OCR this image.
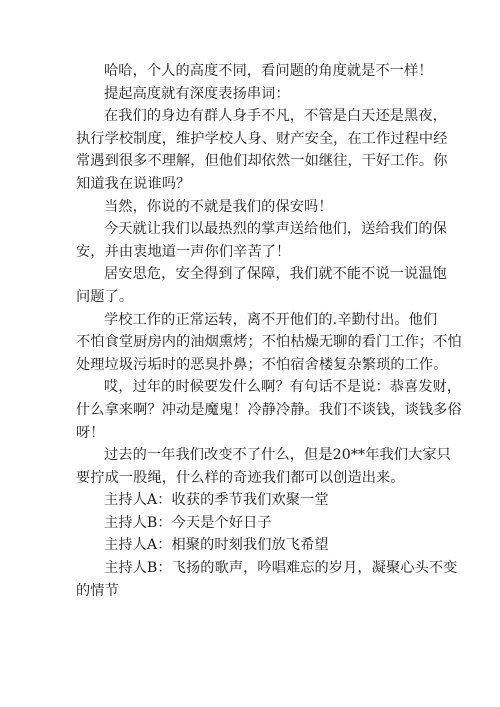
哈哈，个人的高度不同，看问题的角度就是不一样！
提起高度就有深度表扬串词：
在我们的身边有群人身手不凡，不管是白天还是黑夜，
执行学校制度，维护学校人身、财产安全，在工作过程中经
常遇到很多不理解，但他们却依然一如继往，干好工作。你
知道我在说谁吗？
当然，你说的不就是我们的保安吗！
今天就让我们以最热烈的掌声送给他们，送给我们的保
安，并由衷地道一声你们辛苦了！
居安思危，安全得到了保障，我们就不能不说一说温饱
问题了。
学校工作的正常运转，离不开他们的.辛勤付出。他们
不怕食堂厨房内的油烟熏烤；不怕枯燥无聊的看门工作；不怕
处理垃圾污垢时的恶臭扑鼻；不怕宿舍楼复杂繁琐的工作。
哎，过年的时候要发什么啊？有句话不是说：恭喜发财，
什么拿来啊？冲动是魔鬼！冷静冷静。我们不谈钱，谈钱多俗
呀！
过去的一年我们改变不了什么，但是20**年我们大家只
要拧成一股绳，什么样的奇迹我们都可以创造出来。
主持人A：收获的季节我们欢聚一堂
主持人B：今天是个好日子
主持人A：相聚的时刻我们放飞希望
主持人B：飞扬的歌声，吟唱难忘的岁月，凝聚心头不变
的情节
